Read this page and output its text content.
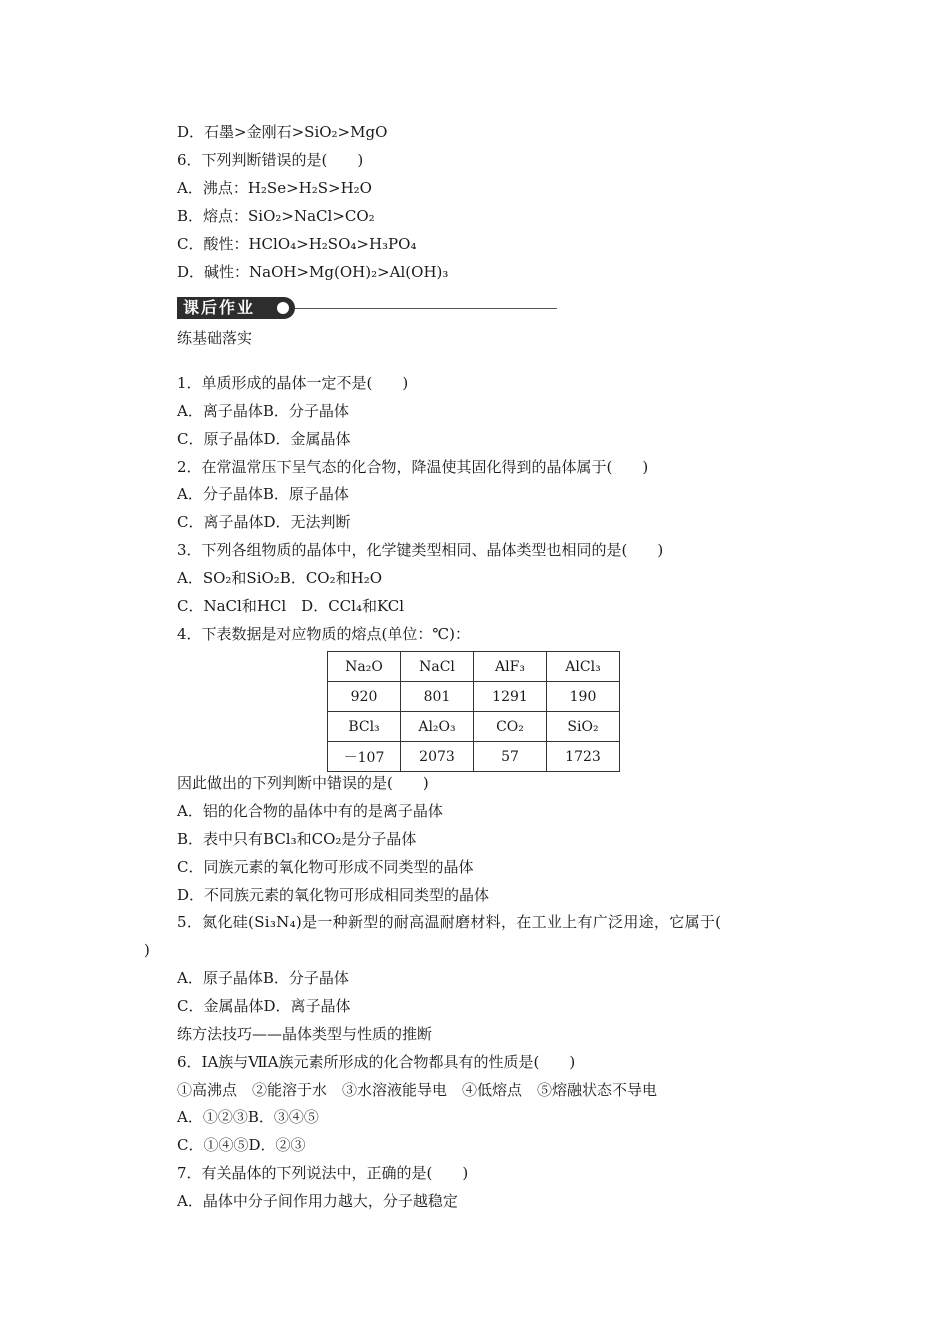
D．石墨>金刚石>SiO₂>MgO
6．下列判断错误的是(　　)
A．沸点：H₂Se>H₂S>H₂O
B．熔点：SiO₂>NaCl>CO₂
C．酸性：HClO₄>H₂SO₄>H₃PO₄
D．碱性：NaOH>Mg(OH)₂>Al(OH)₃
课后作业
练基础落实
1．单质形成的晶体一定不是(　　)
A．离子晶体B．分子晶体
C．原子晶体D．金属晶体
2．在常温常压下呈气态的化合物，降温使其固化得到的晶体属于(　　)
A．分子晶体B．原子晶体
C．离子晶体D．无法判断
3．下列各组物质的晶体中，化学键类型相同、晶体类型也相同的是(　　)
A．SO₂和SiO₂B．CO₂和H₂O
C．NaCl和HCl　D．CCl₄和KCl
4．下表数据是对应物质的熔点(单位：℃)：
Na₂O	NaCl	AlF₃	AlCl₃
920	801	1291	190
BCl₃	Al₂O₃	CO₂	SiO₂
－107	2073	57	1723
因此做出的下列判断中错误的是(　　)
A．铝的化合物的晶体中有的是离子晶体
B．表中只有BCl₃和CO₂是分子晶体
C．同族元素的氧化物可形成不同类型的晶体
D．不同族元素的氧化物可形成相同类型的晶体
5．氮化硅(Si₃N₄)是一种新型的耐高温耐磨材料，在工业上有广泛用途，它属于(
)
A．原子晶体B．分子晶体
C．金属晶体D．离子晶体
练方法技巧——晶体类型与性质的推断
6．ⅠA族与ⅦA族元素所形成的化合物都具有的性质是(　　)
①高沸点　②能溶于水　③水溶液能导电　④低熔点　⑤熔融状态不导电
A．①②③B．③④⑤
C．①④⑤D．②③
7．有关晶体的下列说法中，正确的是(　　)
A．晶体中分子间作用力越大，分子越稳定
